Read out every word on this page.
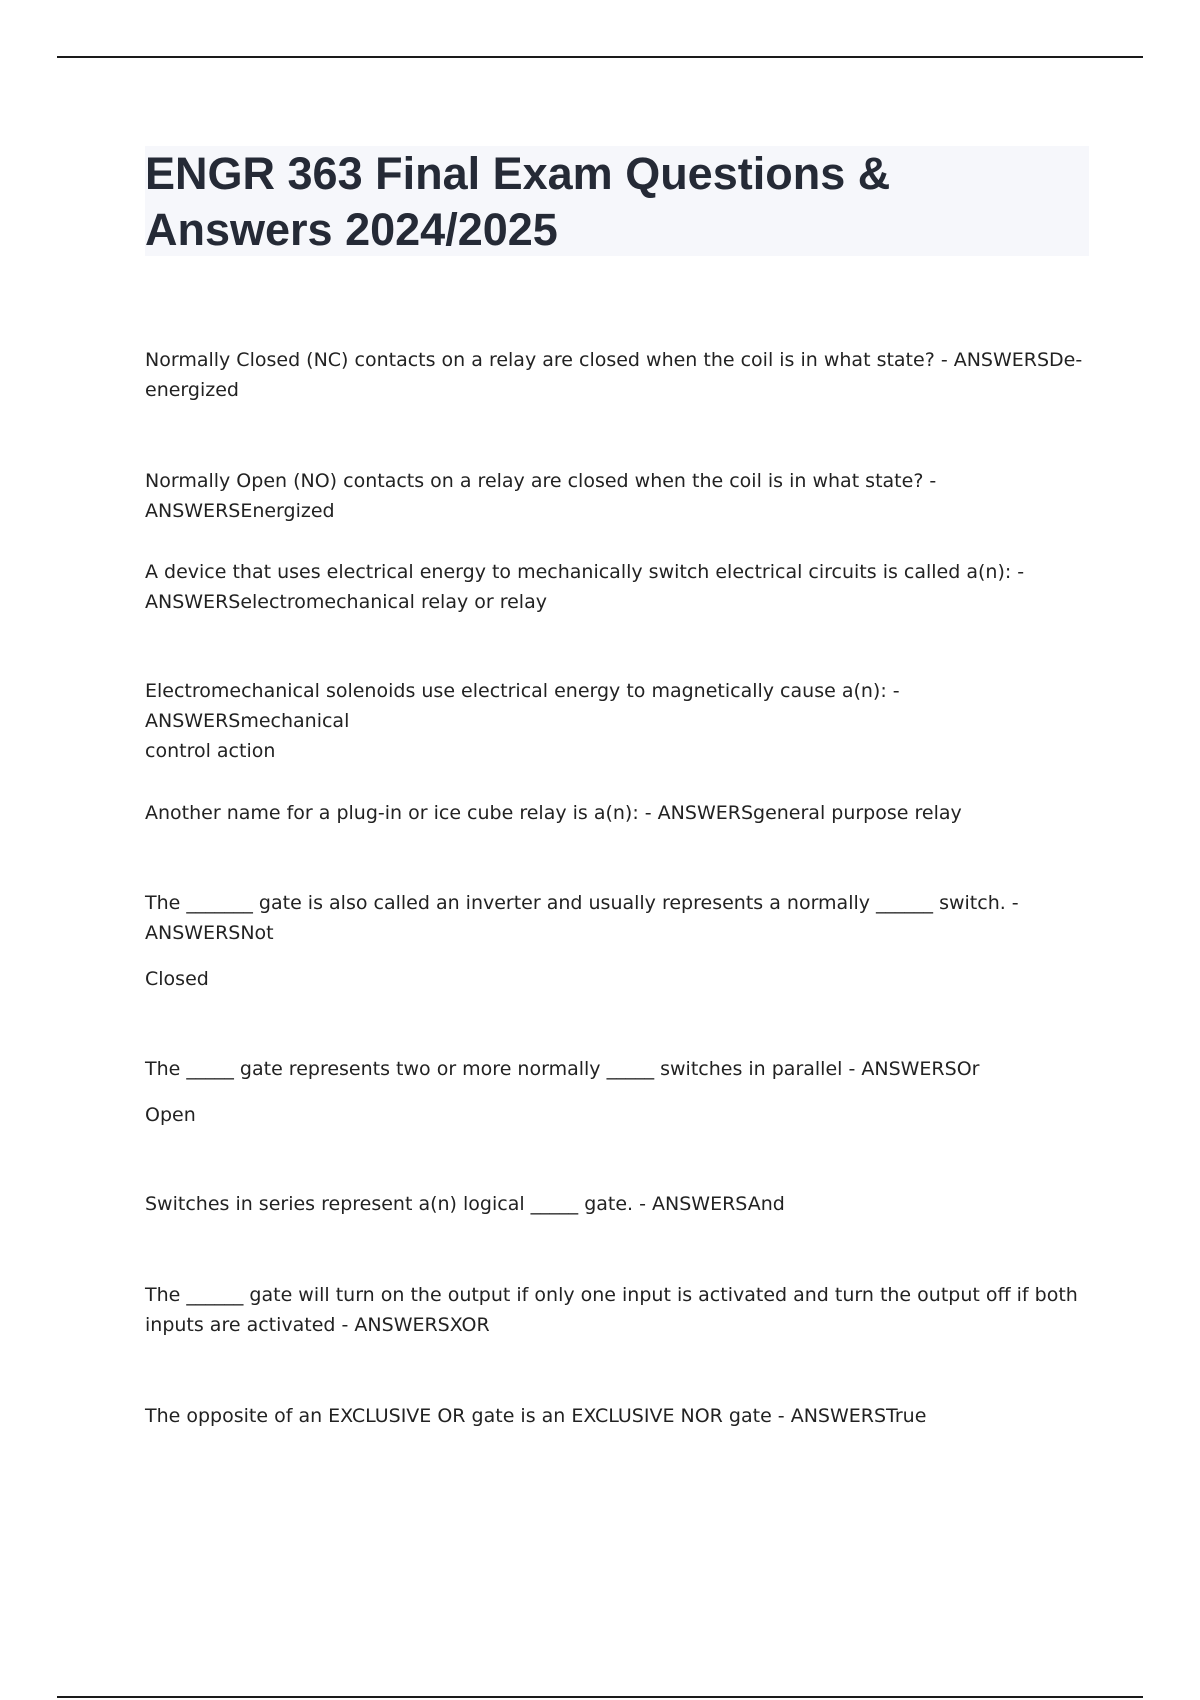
ENGR 363 Final Exam Questions &
Answers 2024/2025
Normally Closed (NC) contacts on a relay are closed when the coil is in what state? - ANSWERSDe-
energized
Normally Open (NO) contacts on a relay are closed when the coil is in what state? - ANSWERSEnergized
A device that uses electrical energy to mechanically switch electrical circuits is called a(n): -
ANSWERSelectromechanical relay or relay
Electromechanical solenoids use electrical energy to magnetically cause a(n): - ANSWERSmechanical
control action
Another name for a plug-in or ice cube relay is a(n): - ANSWERSgeneral purpose relay
The _______ gate is also called an inverter and usually represents a normally ______ switch. -
ANSWERSNot
Closed
The _____ gate represents two or more normally _____ switches in parallel - ANSWERSOr
Open
Switches in series represent a(n) logical _____ gate. - ANSWERSAnd
The ______ gate will turn on the output if only one input is activated and turn the output off if both
inputs are activated - ANSWERSXOR
The opposite of an EXCLUSIVE OR gate is an EXCLUSIVE NOR gate - ANSWERSTrue
